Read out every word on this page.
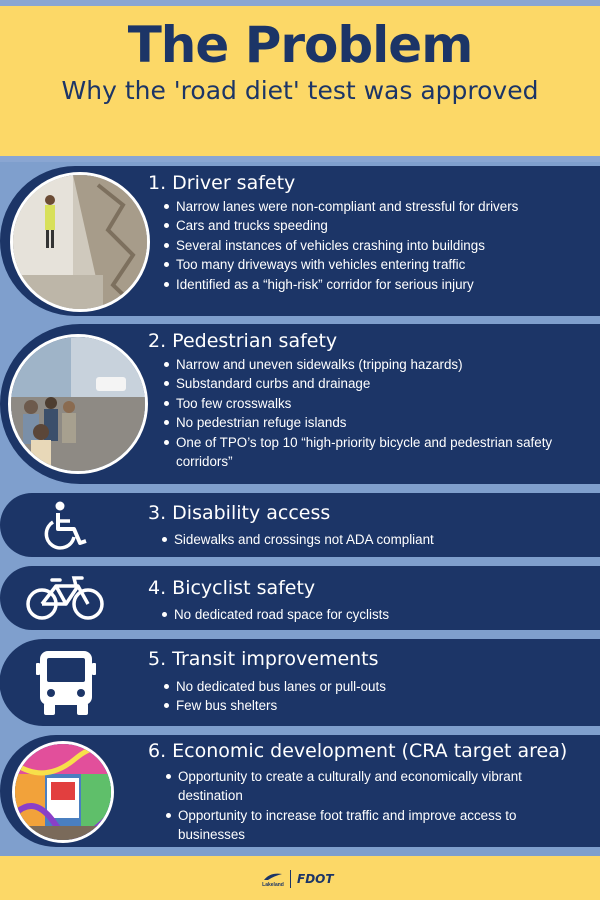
The Problem
Why the 'road diet' test was approved
1. Driver safety
Narrow lanes were non-compliant and stressful for drivers
Cars and trucks speeding
Several instances of vehicles crashing into buildings
Too many driveways with vehicles entering traffic
Identified as a “high-risk” corridor for serious injury
2. Pedestrian safety
Narrow and uneven sidewalks (tripping hazards)
Substandard curbs and drainage
Too few crosswalks
No pedestrian refuge islands
One of TPO’s top 10 “high-priority bicycle and pedestrian safety corridors”
3. Disability access
Sidewalks and crossings not ADA compliant
4. Bicyclist safety
No dedicated road space for cyclists
5. Transit improvements
No dedicated bus lanes or pull-outs
Few bus shelters
6. Economic development (CRA target area)
Opportunity to create a culturally and economically vibrant destination
Opportunity to increase foot traffic and improve access to businesses
Lakeland FDOT
